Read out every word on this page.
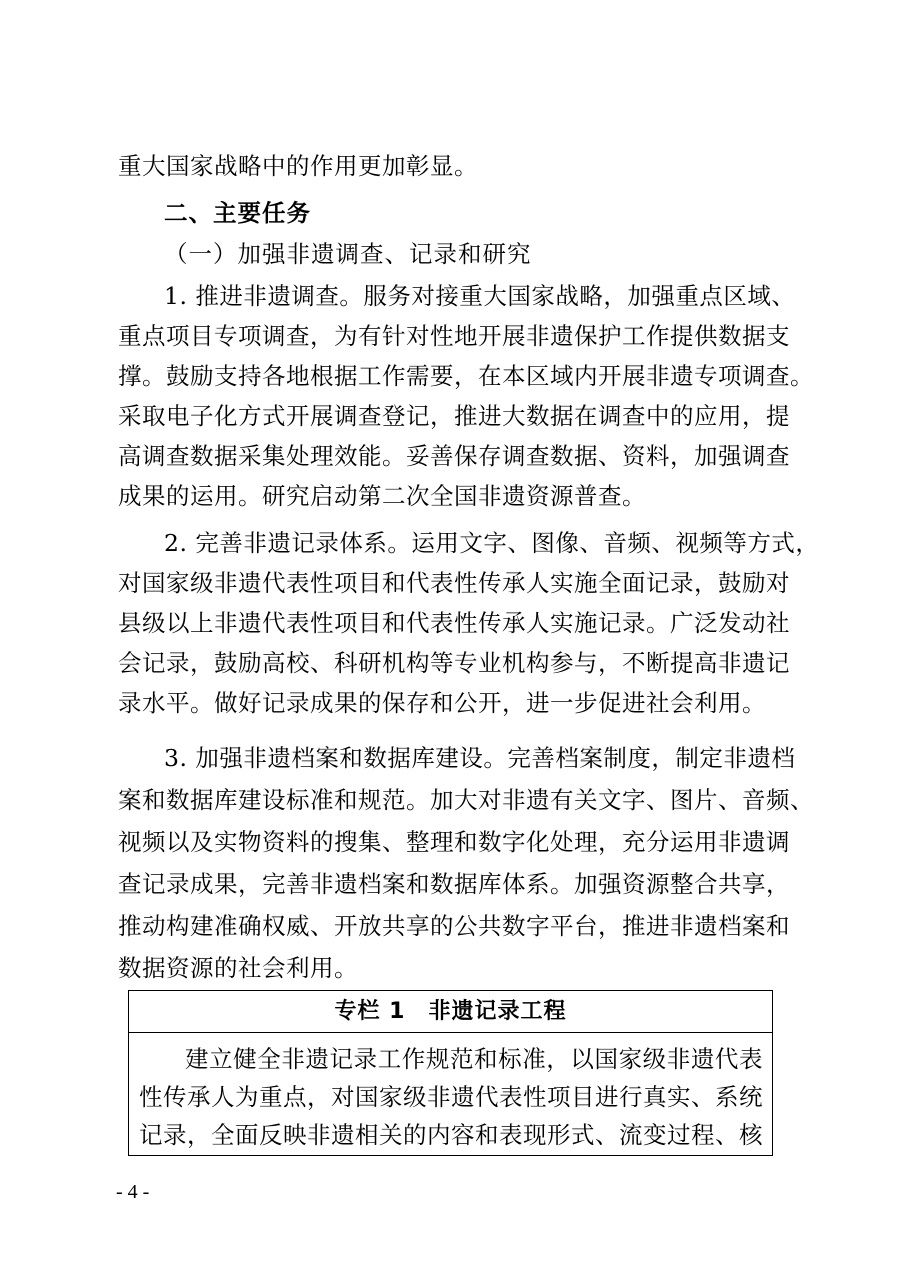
重大国家战略中的作用更加彰显。
二、主要任务
（一）加强非遗调查、记录和研究
1. 推进非遗调查。服务对接重大国家战略，加强重点区域、
重点项目专项调查，为有针对性地开展非遗保护工作提供数据支
撑。鼓励支持各地根据工作需要，在本区域内开展非遗专项调查。
采取电子化方式开展调查登记，推进大数据在调查中的应用，提
高调查数据采集处理效能。妥善保存调查数据、资料，加强调查
成果的运用。研究启动第二次全国非遗资源普查。
2. 完善非遗记录体系。运用文字、图像、音频、视频等方式，
对国家级非遗代表性项目和代表性传承人实施全面记录，鼓励对
县级以上非遗代表性项目和代表性传承人实施记录。广泛发动社
会记录，鼓励高校、科研机构等专业机构参与，不断提高非遗记
录水平。做好记录成果的保存和公开，进一步促进社会利用。
3. 加强非遗档案和数据库建设。完善档案制度，制定非遗档
案和数据库建设标准和规范。加大对非遗有关文字、图片、音频、
视频以及实物资料的搜集、整理和数字化处理，充分运用非遗调
查记录成果，完善非遗档案和数据库体系。加强资源整合共享，
推动构建准确权威、开放共享的公共数字平台，推进非遗档案和
数据资源的社会利用。
专栏 1　非遗记录工程
建立健全非遗记录工作规范和标准，以国家级非遗代表
性传承人为重点，对国家级非遗代表性项目进行真实、系统
记录，全面反映非遗相关的内容和表现形式、流变过程、核
- 4 -
